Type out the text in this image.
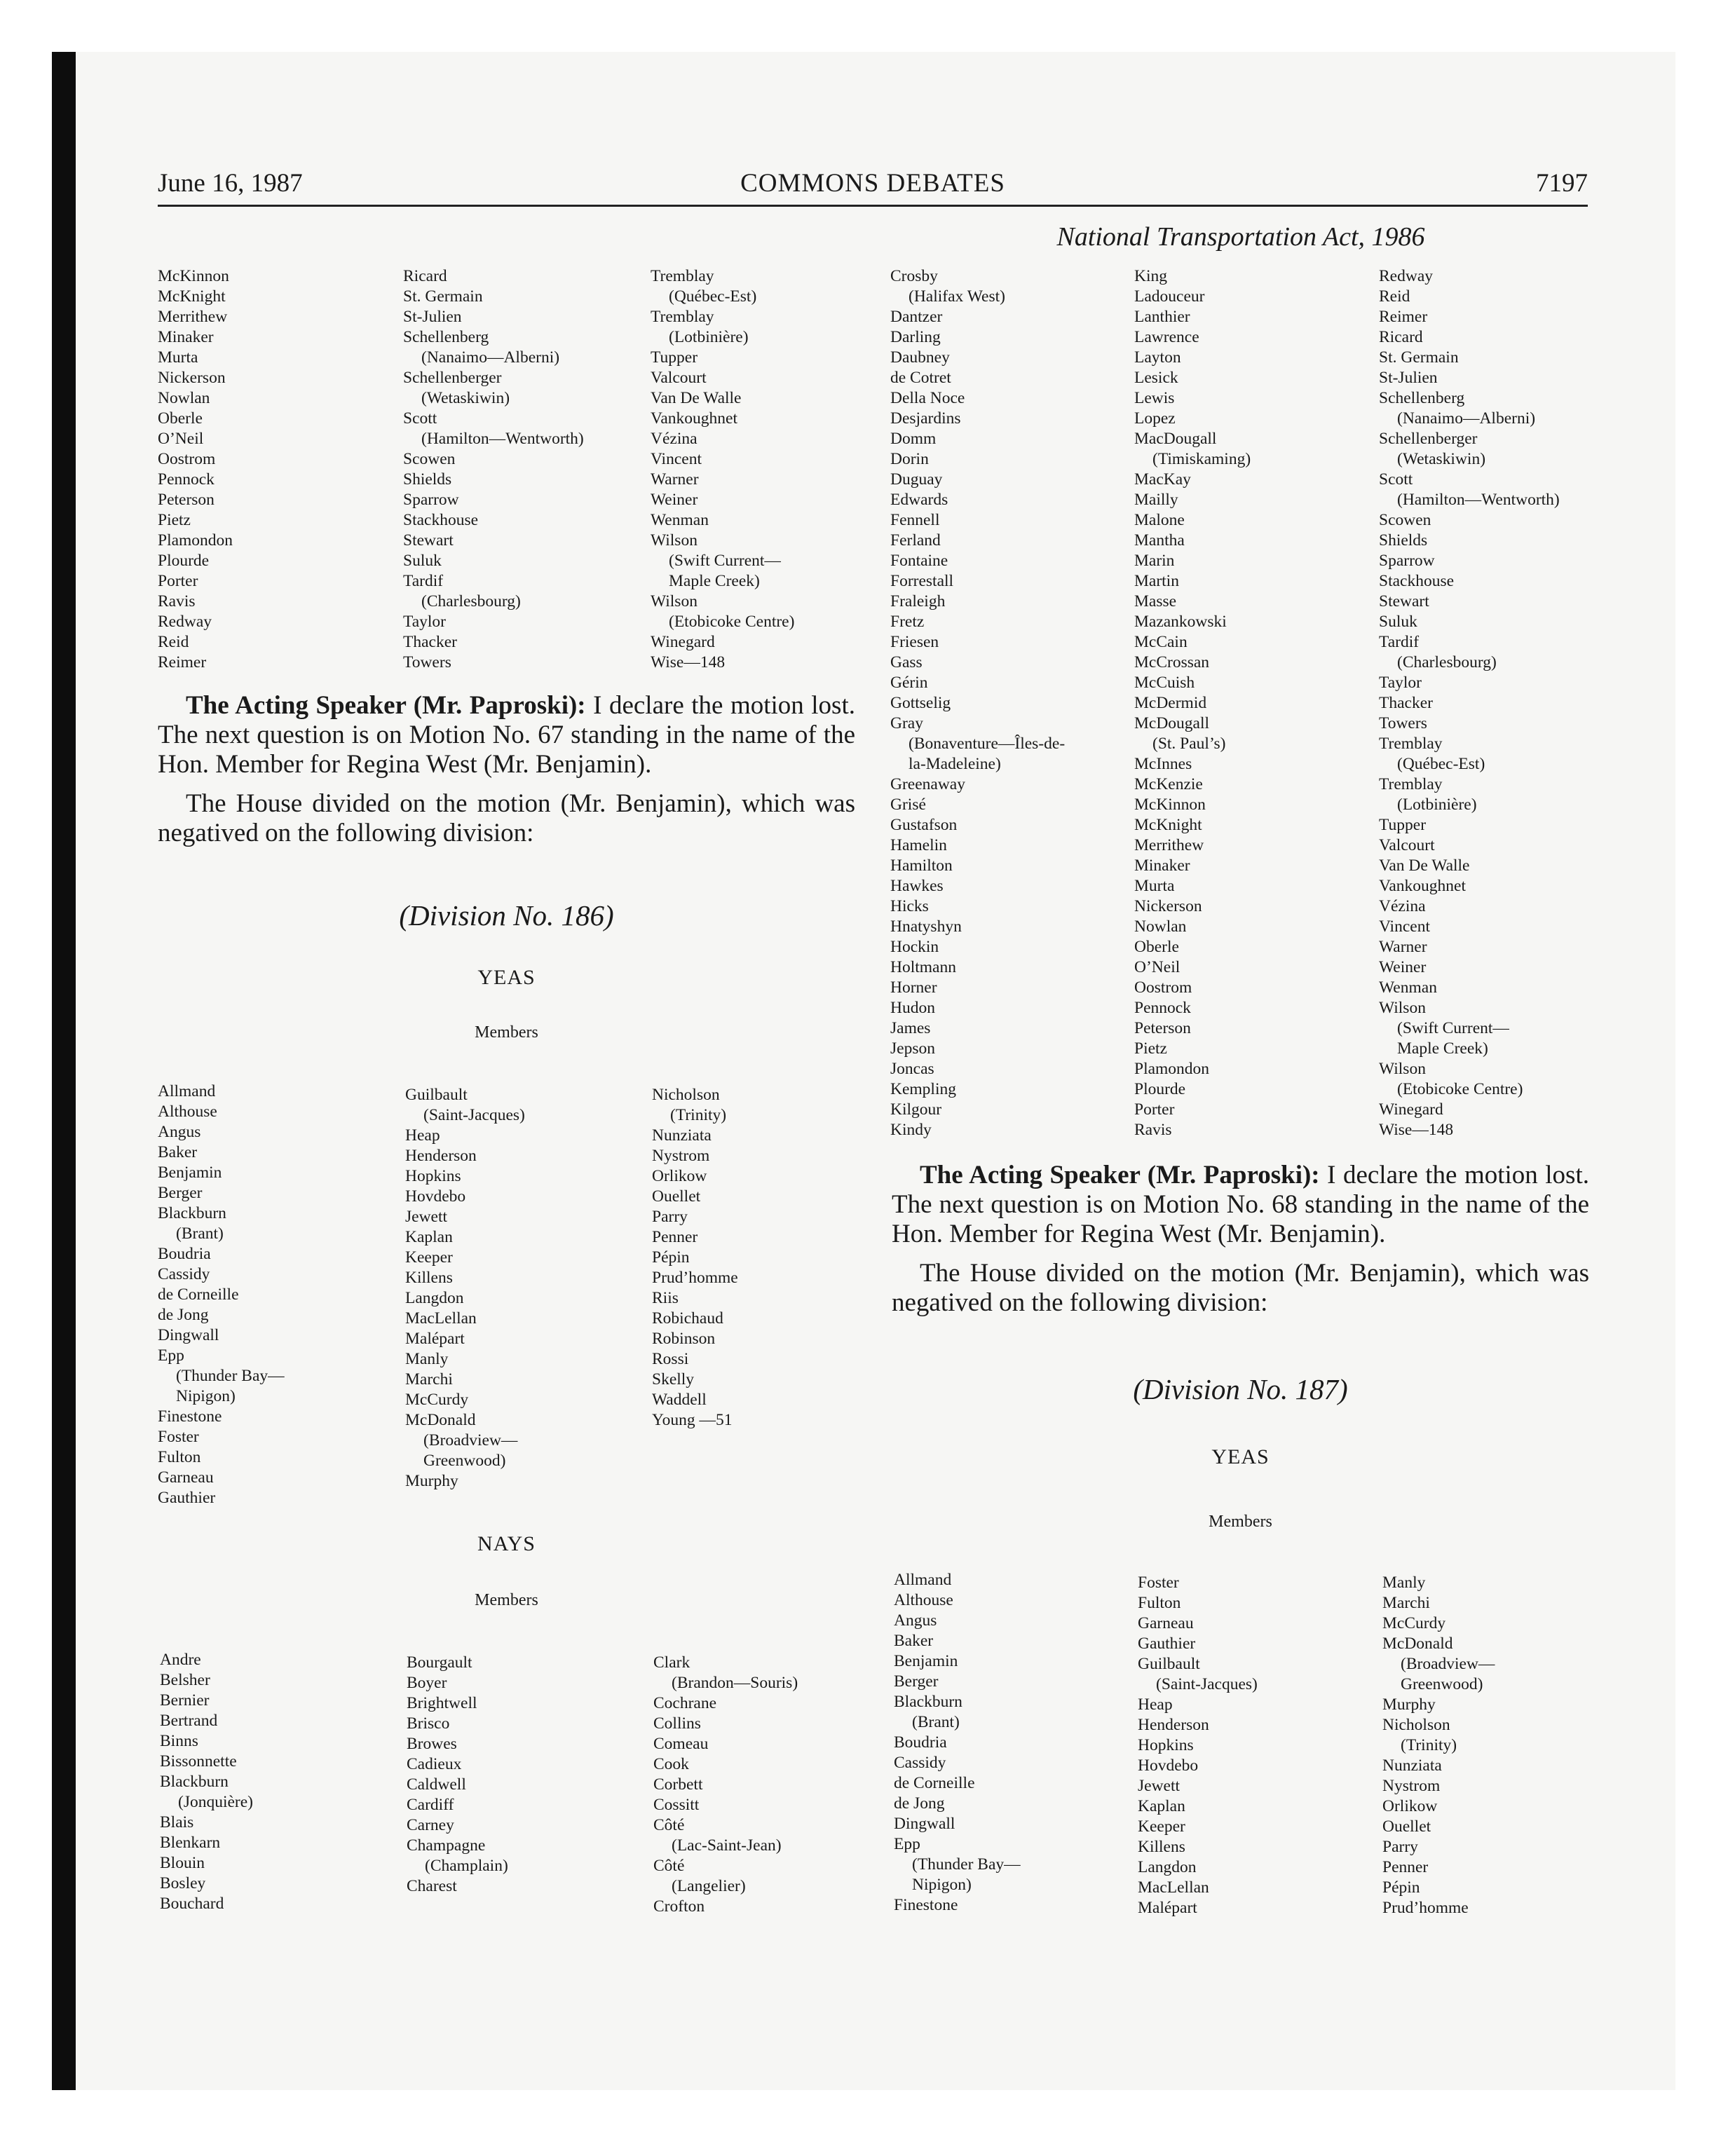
June 16, 1987	COMMONS DEBATES	7197
National Transportation Act, 1986
McKinnon
McKnight
Merrithew
Minaker
Murta
Nickerson
Nowlan
Oberle
O’Neil
Oostrom
Pennock
Peterson
Pietz
Plamondon
Plourde
Porter
Ravis
Redway
Reid
Reimer
Ricard
St. Germain
St-Julien
Schellenberg
(Nanaimo—Alberni)
Schellenberger
(Wetaskiwin)
Scott
(Hamilton—Wentworth)
Scowen
Shields
Sparrow
Stackhouse
Stewart
Suluk
Tardif
(Charlesbourg)
Taylor
Thacker
Towers
Tremblay
(Québec-Est)
Tremblay
(Lotbinière)
Tupper
Valcourt
Van De Walle
Vankoughnet
Vézina
Vincent
Warner
Weiner
Wenman
Wilson
(Swift Current—
Maple Creek)
Wilson
(Etobicoke Centre)
Winegard
Wise—148
The Acting Speaker (Mr. Paproski): I declare the motion lost. The next question is on Motion No. 67 standing in the name of the Hon. Member for Regina West (Mr. Benjamin).
The House divided on the motion (Mr. Benjamin), which was negatived on the following division:
(Division No. 186)
YEAS
Members
Allmand
Althouse
Angus
Baker
Benjamin
Berger
Blackburn
(Brant)
Boudria
Cassidy
de Corneille
de Jong
Dingwall
Epp
(Thunder Bay—
Nipigon)
Finestone
Foster
Fulton
Garneau
Gauthier
Guilbault
(Saint-Jacques)
Heap
Henderson
Hopkins
Hovdebo
Jewett
Kaplan
Keeper
Killens
Langdon
MacLellan
Malépart
Manly
Marchi
McCurdy
McDonald
(Broadview—
Greenwood)
Murphy
Nicholson
(Trinity)
Nunziata
Nystrom
Orlikow
Ouellet
Parry
Penner
Pépin
Prud’homme
Riis
Robichaud
Robinson
Rossi
Skelly
Waddell
Young —51
NAYS
Members
Andre
Belsher
Bernier
Bertrand
Binns
Bissonnette
Blackburn
(Jonquière)
Blais
Blenkarn
Blouin
Bosley
Bouchard
Bourgault
Boyer
Brightwell
Brisco
Browes
Cadieux
Caldwell
Cardiff
Carney
Champagne
(Champlain)
Charest
Clark
(Brandon—Souris)
Cochrane
Collins
Comeau
Cook
Corbett
Cossitt
Côté
(Lac-Saint-Jean)
Côté
(Langelier)
Crofton
Crosby
(Halifax West)
Dantzer
Darling
Daubney
de Cotret
Della Noce
Desjardins
Domm
Dorin
Duguay
Edwards
Fennell
Ferland
Fontaine
Forrestall
Fraleigh
Fretz
Friesen
Gass
Gérin
Gottselig
Gray
(Bonaventure—Îles-de-
la-Madeleine)
Greenaway
Grisé
Gustafson
Hamelin
Hamilton
Hawkes
Hicks
Hnatyshyn
Hockin
Holtmann
Horner
Hudon
James
Jepson
Joncas
Kempling
Kilgour
Kindy
King
Ladouceur
Lanthier
Lawrence
Layton
Lesick
Lewis
Lopez
MacDougall
(Timiskaming)
MacKay
Mailly
Malone
Mantha
Marin
Martin
Masse
Mazankowski
McCain
McCrossan
McCuish
McDermid
McDougall
(St. Paul’s)
McInnes
McKenzie
McKinnon
McKnight
Merrithew
Minaker
Murta
Nickerson
Nowlan
Oberle
O’Neil
Oostrom
Pennock
Peterson
Pietz
Plamondon
Plourde
Porter
Ravis
Redway
Reid
Reimer
Ricard
St. Germain
St-Julien
Schellenberg
(Nanaimo—Alberni)
Schellenberger
(Wetaskiwin)
Scott
(Hamilton—Wentworth)
Scowen
Shields
Sparrow
Stackhouse
Stewart
Suluk
Tardif
(Charlesbourg)
Taylor
Thacker
Towers
Tremblay
(Québec-Est)
Tremblay
(Lotbinière)
Tupper
Valcourt
Van De Walle
Vankoughnet
Vézina
Vincent
Warner
Weiner
Wenman
Wilson
(Swift Current—
Maple Creek)
Wilson
(Etobicoke Centre)
Winegard
Wise—148
The Acting Speaker (Mr. Paproski): I declare the motion lost. The next question is on Motion No. 68 standing in the name of the Hon. Member for Regina West (Mr. Benjamin).
The House divided on the motion (Mr. Benjamin), which was negatived on the following division:
(Division No. 187)
YEAS
Members
Allmand
Althouse
Angus
Baker
Benjamin
Berger
Blackburn
(Brant)
Boudria
Cassidy
de Corneille
de Jong
Dingwall
Epp
(Thunder Bay—
Nipigon)
Finestone
Foster
Fulton
Garneau
Gauthier
Guilbault
(Saint-Jacques)
Heap
Henderson
Hopkins
Hovdebo
Jewett
Kaplan
Keeper
Killens
Langdon
MacLellan
Malépart
Manly
Marchi
McCurdy
McDonald
(Broadview—
Greenwood)
Murphy
Nicholson
(Trinity)
Nunziata
Nystrom
Orlikow
Ouellet
Parry
Penner
Pépin
Prud’homme
